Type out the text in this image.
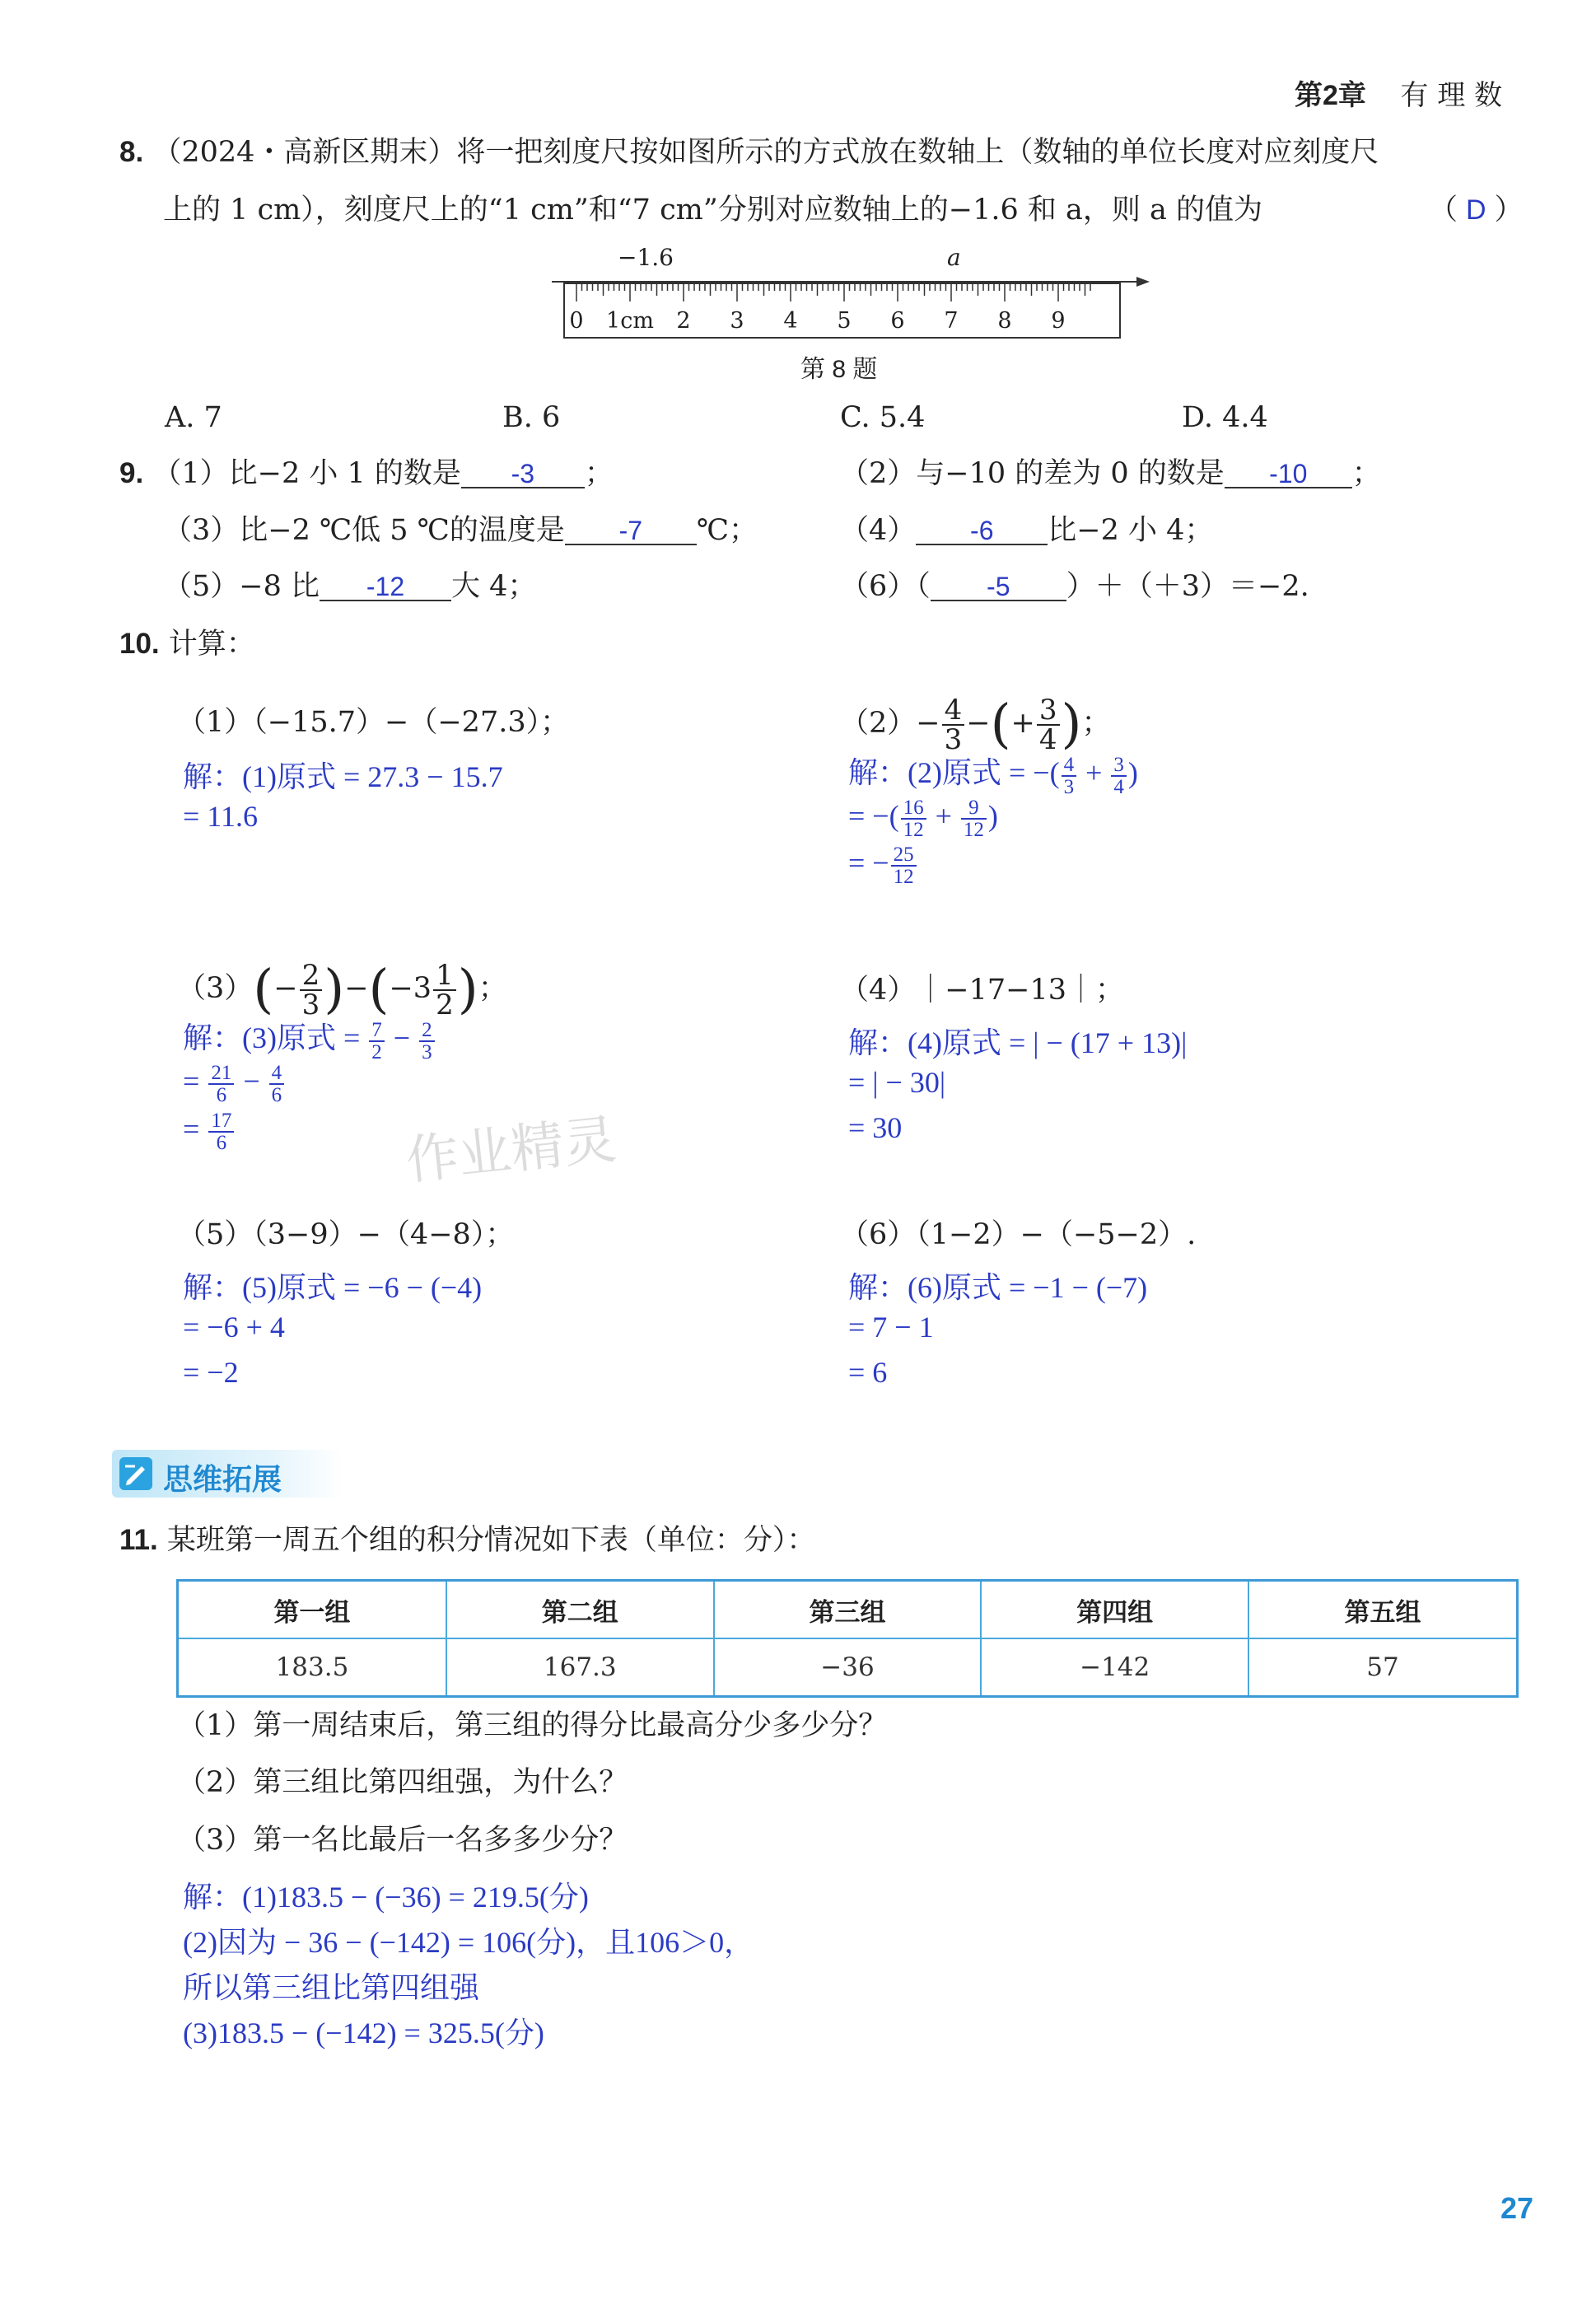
第2章 有 理 数
8. （2024・高新区期末）将一把刻度尺按如图所示的方式放在数轴上（数轴的单位长度对应刻度尺
上的 1 cm），刻度尺上的“1 cm”和“7 cm”分别对应数轴上的−1.6 和 a，则 a 的值为	（ D ）
−1.6	a
0 1cm 2 3 4 5 6 7 8 9
第 8 题
A. 7	B. 6	C. 5.4	D. 4.4
9. （1）比−2 小 1 的数是 -3 ；	（2）与−10 的差为 0 的数是 -10 ；
（3）比−2 ℃低 5 ℃的温度是 -7 ℃；	（4） -6 比−2 小 4；
（5）−8 比 -12 大 4；	（6）（ -5 ）＋（＋3）＝−2.
10. 计算：
（1）（−15.7）−（−27.3）；
解：(1)原式 = 27.3 − 15.7
= 11.6
$(2)- \frac{4}{3}$ −(+ $\frac{3}{4}$ )；
解：(2)原式 = −( $\frac{4}{3} + \frac{3}{4}$ )
= −( $\frac{16}{12} + \frac{9}{12}$ )
= − $\frac{25}{12}$
$(3)(- \frac{2}{3} )-(-3 \frac{1}{2}$ )；
解：(3)原式 = $\frac{7}{2} - \frac{2}{3}$
= $\frac{21}{6} - \frac{4}{6}$
= $\frac{17}{6}$	作业精灵
（4）｜−17−13｜；
解：(4)原式 = | − (17 + 13)|
= | − 30|
= 30
（5）（3−9）−（4−8）；
解：(5)原式 = −6 − (−4)
= −6 + 4
= −2
（6）（1−2）−（−5−2）.
解：(6)原式 = −1 − (−7)
= 7 − 1
= 6
思维拓展
11. 某班第一周五个组的积分情况如下表（单位：分）：
第一组	第二组	第三组	第四组	第五组
183.5	167.3	−36	−142	57
（1）第一周结束后，第三组的得分比最高分少多少分？
（2）第三组比第四组强，为什么？
（3）第一名比最后一名多多少分？
解：(1)183.5 − (−36) = 219.5(分)
(2)因为 − 36 − (−142) = 106(分)，且106＞0，
所以第三组比第四组强
(3)183.5 − (−142) = 325.5(分)
27
